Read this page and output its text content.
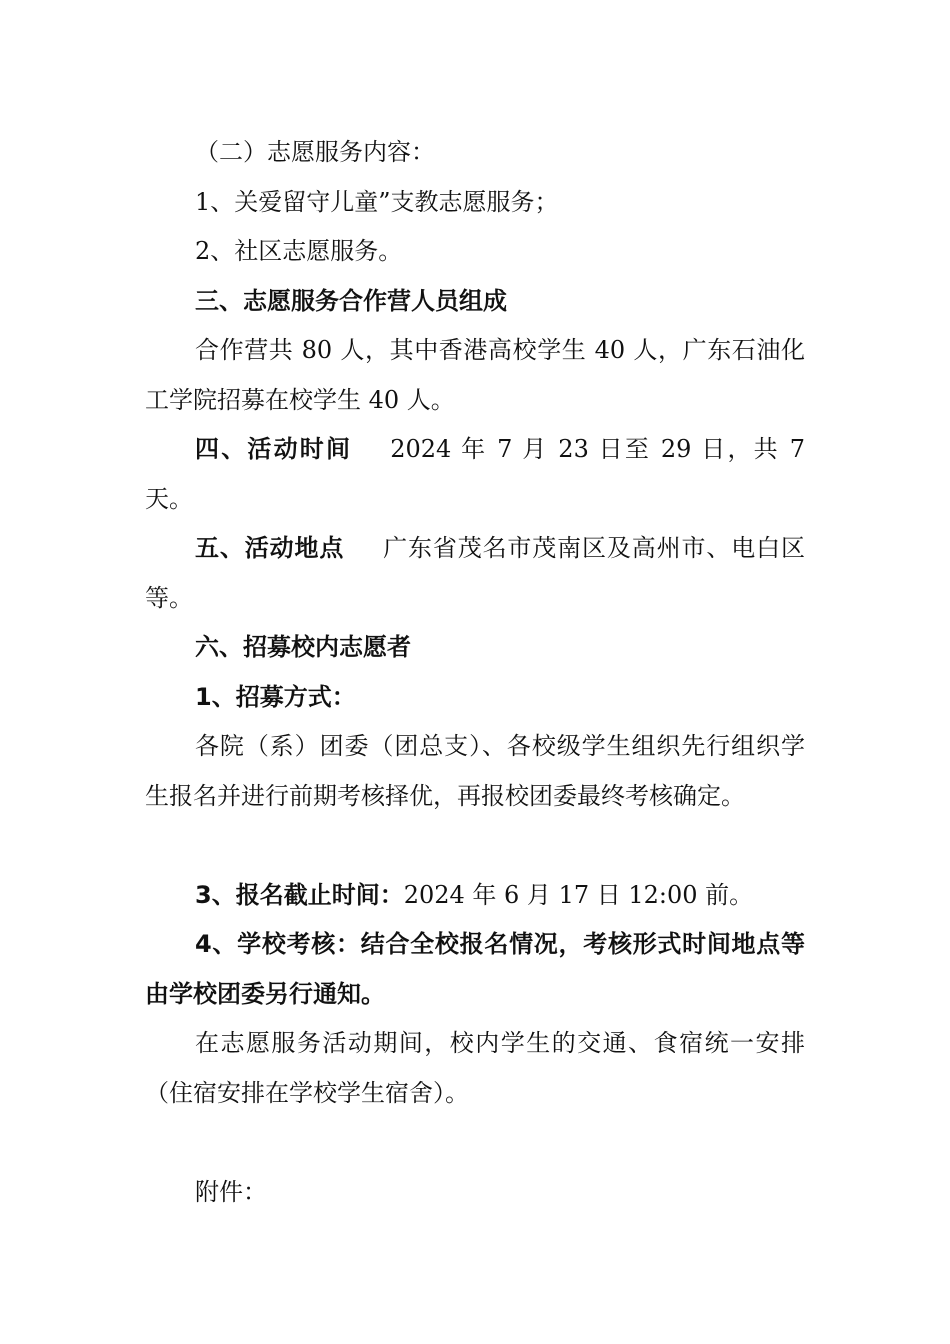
（二）志愿服务内容：

1、关爱留守儿童”支教志愿服务；

2、社区志愿服务。

三、志愿服务合作营人员组成

合作营共 80 人，其中香港高校学生 40 人，广东石油化工学院招募在校学生 40 人。

四、活动时间 2024 年 7 月 23 日至 29 日，共 7 天。

五、活动地点 广东省茂名市茂南区及高州市、电白区等。

六、招募校内志愿者

1、招募方式：

各院（系）团委（团总支）、各校级学生组织先行组织学生报名并进行前期考核择优，再报校团委最终考核确定。

3、报名截止时间：2024 年 6 月 17 日 12:00 前。

4、学校考核：结合全校报名情况，考核形式时间地点等由学校团委另行通知。

在志愿服务活动期间，校内学生的交通、食宿统一安排（住宿安排在学校学生宿舍）。

附件：
